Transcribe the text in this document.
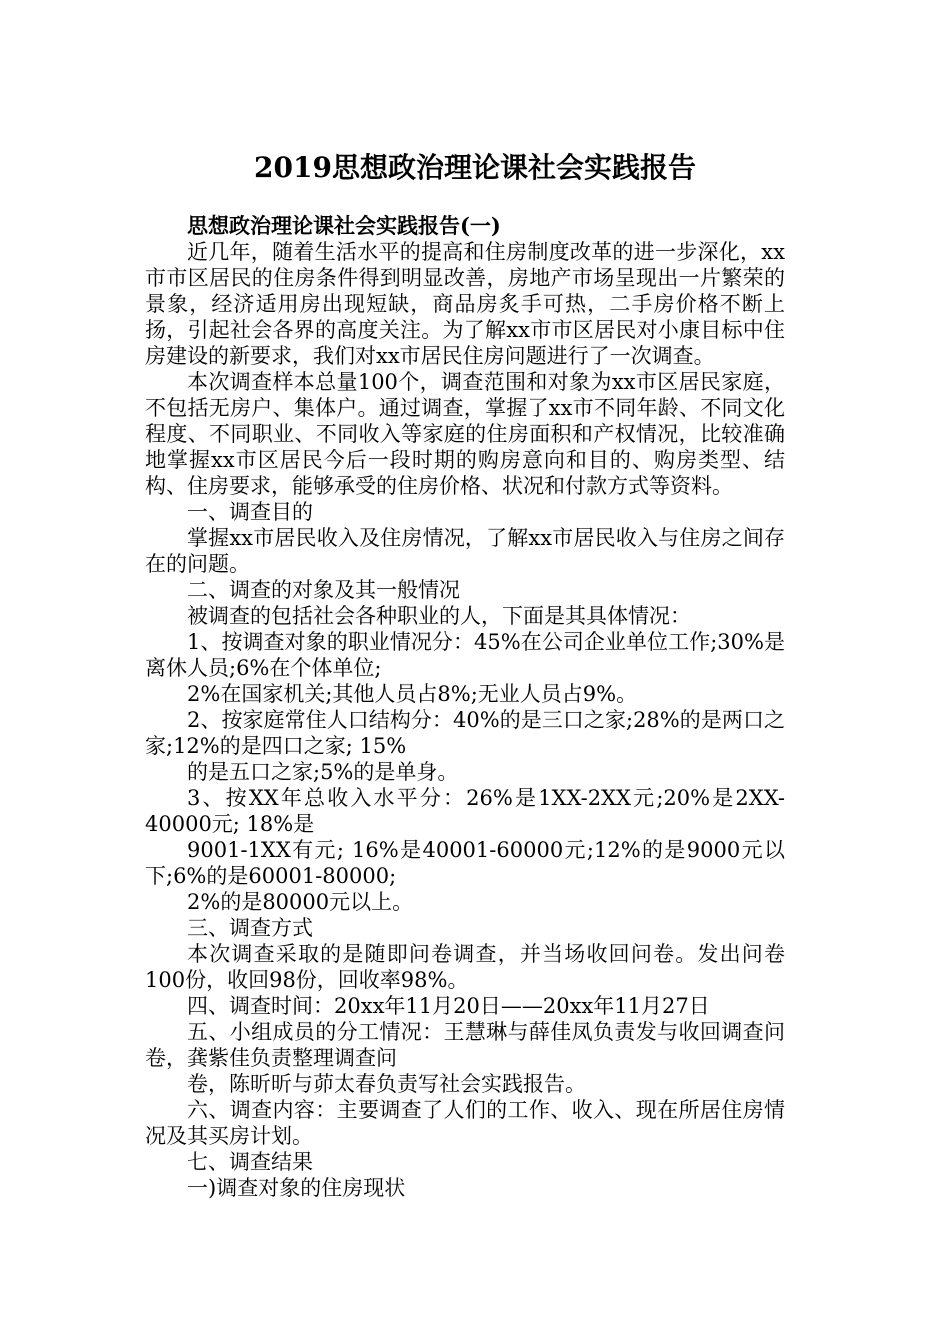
2019思想政治理论课社会实践报告

思想政治理论课社会实践报告(一)

近几年，随着生活水平的提高和住房制度改革的进一步深化，xx市市区居民的住房条件得到明显改善，房地产市场呈现出一片繁荣的景象，经济适用房出现短缺，商品房炙手可热，二手房价格不断上扬，引起社会各界的高度关注。为了解xx市市区居民对小康目标中住房建设的新要求，我们对xx市居民住房问题进行了一次调查。

本次调查样本总量100个，调查范围和对象为xx市区居民家庭，不包括无房户、集体户。通过调查，掌握了xx市不同年龄、不同文化程度、不同职业、不同收入等家庭的住房面积和产权情况，比较准确地掌握xx市区居民今后一段时期的购房意向和目的、购房类型、结构、住房要求，能够承受的住房价格、状况和付款方式等资料。

一、调查目的

掌握xx市居民收入及住房情况，了解xx市居民收入与住房之间存在的问题。

二、调查的对象及其一般情况

被调查的包括社会各种职业的人，下面是其具体情况：

1、按调查对象的职业情况分：45%在公司企业单位工作;30%是离休人员;6%在个体单位;

2%在国家机关;其他人员占8%;无业人员占9%。

2、按家庭常住人口结构分：40%的是三口之家;28%的是两口之家;12%的是四口之家; 15%

的是五口之家;5%的是单身。

3、按XX年总收入水平分：26%是1XX-2XX元;20%是2XX-40000元; 18%是

9001-1XX有元; 16%是40001-60000元;12%的是9000元以下;6%的是60001-80000;

2%的是80000元以上。

三、调查方式

本次调查采取的是随即问卷调查，并当场收回问卷。发出问卷100份，收回98份，回收率98%。

四、调查时间：20xx年11月20日——20xx年11月27日

五、小组成员的分工情况：王慧琳与薛佳凤负责发与收回调查问卷，龚紫佳负责整理调查问

卷，陈昕昕与茆太春负责写社会实践报告。

六、调查内容：主要调查了人们的工作、收入、现在所居住房情况及其买房计划。

七、调查结果

一)调查对象的住房现状
